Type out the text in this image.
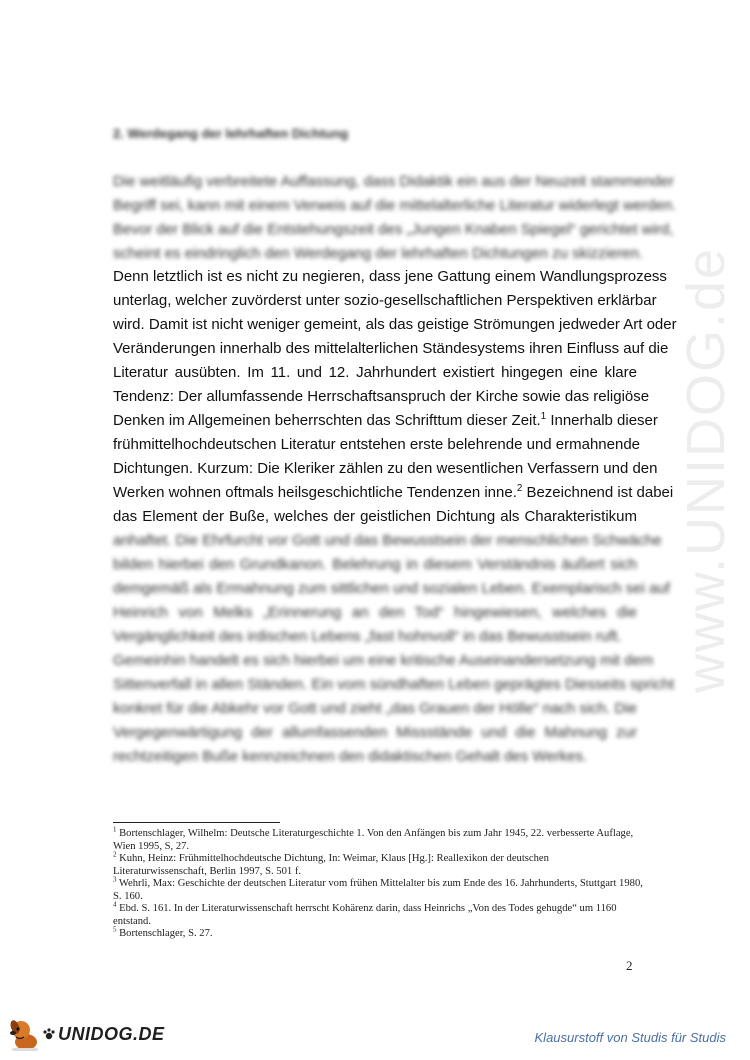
www.UNIDOG.de
2. Werdegang der lehrhaften Dichtung
Die weitläufig verbreitete Auffassung, dass Didaktik ein aus der Neuzeit stammender
Begriff sei, kann mit einem Verweis auf die mittelalterliche Literatur widerlegt werden.
Bevor der Blick auf die Entstehungszeit des „Jungen Knaben Spiegel“ gerichtet wird,
scheint es eindringlich den Werdegang der lehrhaften Dichtungen zu skizzieren.
Denn letztlich ist es nicht zu negieren, dass jene Gattung einem Wandlungsprozess
unterlag, welcher zuvörderst unter sozio-gesellschaftlichen Perspektiven erklärbar
wird. Damit ist nicht weniger gemeint, als das geistige Strömungen jedweder Art oder
Veränderungen innerhalb des mittelalterlichen Ständesystems ihren Einfluss auf die
Literatur ausübten. Im 11. und 12. Jahrhundert existiert hingegen eine klare
Tendenz: Der allumfassende Herrschaftsanspruch der Kirche sowie das religiöse
Denken im Allgemeinen beherrschten das Schrifttum dieser Zeit.$^1$ Innerhalb dieser
frühmittelhochdeutschen Literatur entstehen erste belehrende und ermahnende
Dichtungen. Kurzum: Die Kleriker zählen zu den wesentlichen Verfassern und den
Werken wohnen oftmals heilsgeschichtliche Tendenzen inne.$^2$ Bezeichnend ist dabei
das Element der Buße, welches der geistlichen Dichtung als Charakteristikum
anhaftet. Die Ehrfurcht vor Gott und das Bewusstsein der menschlichen Schwäche
bilden hierbei den Grundkanon. Belehrung in diesem Verständnis äußert sich
demgemäß als Ermahnung zum sittlichen und sozialen Leben. Exemplarisch sei auf
Heinrich von Melks „Erinnerung an den Tod“ hingewiesen, welches die
Vergänglichkeit des irdischen Lebens „fast hohnvoll“ in das Bewusstsein ruft.
Gemeinhin handelt es sich hierbei um eine kritische Auseinandersetzung mit dem
Sittenverfall in allen Ständen. Ein vom sündhaften Leben geprägtes Diesseits spricht
konkret für die Abkehr vor Gott und zieht „das Grauen der Hölle“ nach sich. Die
Vergegenwärtigung der allumfassenden Missstände und die Mahnung zur
rechtzeitigen Buße kennzeichnen den didaktischen Gehalt des Werkes.

$^1$ Bortenschlager, Wilhelm: Deutsche Literaturgeschichte 1. Von den Anfängen bis zum Jahr 1945, 22. verbesserte Auflage, Wien 1995, S, 27.

$^2$ Kuhn, Heinz: Frühmittelhochdeutsche Dichtung, In: Weimar, Klaus [Hg.]: Reallexikon der deutschen Literaturwissenschaft, Berlin 1997, S. 501 f.

$^3$ Wehrli, Max: Geschichte der deutschen Literatur vom frühen Mittelalter bis zum Ende des 16. Jahrhunderts, Stuttgart 1980, S. 160.

$^4$ Ebd. S. 161. In der Literaturwissenschaft herrscht Kohärenz darin, dass Heinrichs „Von des Todes gehugde“ um 1160 entstand.

$^5$ Bortenschlager, S. 27.

2
UNIDOG.DE	Klausurstoff von Studis für Studis
